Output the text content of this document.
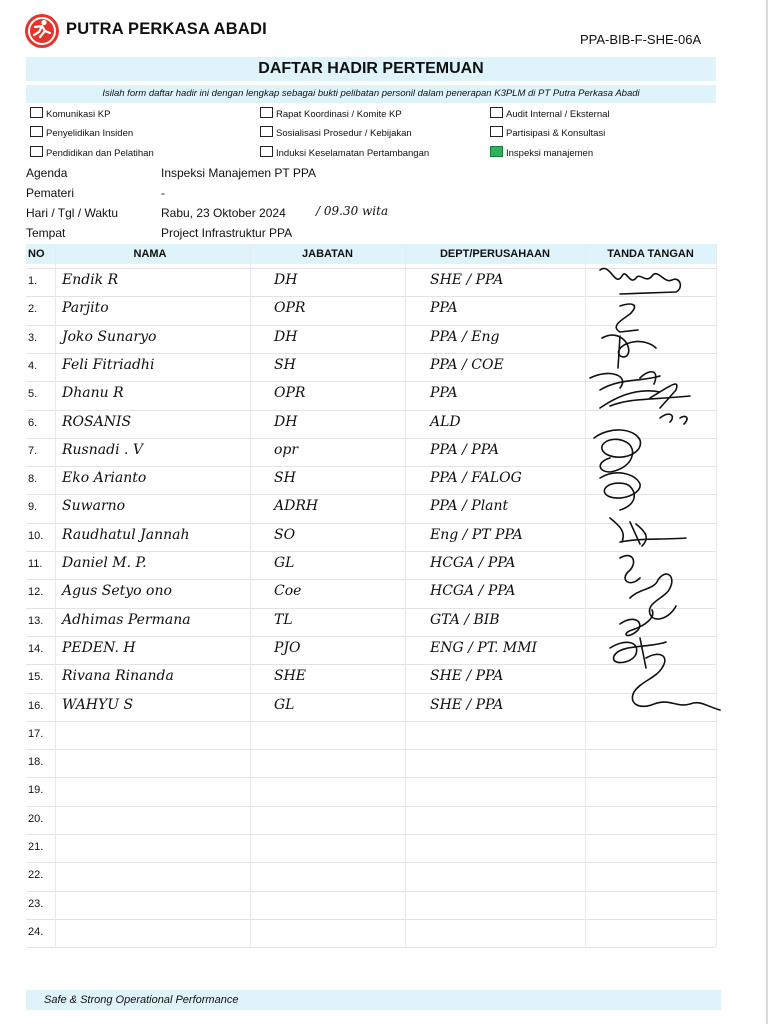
PUTRA PERKASA ABADI
PPA-BIB-F-SHE-06A
DAFTAR HADIR PERTEMUAN
Isilah form daftar hadir ini dengan lengkap sebagai bukti pelibatan personil dalam penerapan K3PLM di PT Putra Perkasa Abadi
Komunikasi KP	Rapat Koordinasi / Komite KP	Audit Internal / Eksternal
Penyelidikan Insiden	Sosialisasi Prosedur / Kebijakan	Partisipasi & Konsultasi
Pendidikan dan Pelatihan	Induksi Keselamatan Pertambangan	Inspeksi manajemen
Agenda	Inspeksi Manajemen PT PPA
Pemateri	-
Hari / Tgl / Waktu	Rabu, 23 Oktober 2024	/ 09.30 wita
Tempat	Project Infrastruktur PPA
NO	NAMA	JABATAN	DEPT/PERUSAHAAN	TANDA TANGAN
1. Endik R	DH	SHE / PPA
2. Parjito	OPR	PPA
3. Joko Sunaryo	DH	PPA / Eng
4. Feli Fitriadhi	SH	PPA / COE
5. Dhanu R	OPR	PPA
6. ROSANIS	DH	ALD
7. Rusnadi . V	opr	PPA / PPA
8. Eko Arianto	SH	PPA / FALOG
9. Suwarno	ADRH	PPA / Plant
10. Raudhatul Jannah	SO	Eng / PT PPA
11. Daniel M. P.	GL	HCGA / PPA
12. Agus Setyo ono	Coe	HCGA / PPA
13. Adhimas Permana	TL	GTA / BIB
14. PEDEN. H	PJO	ENG / PT. MMI
15. Rivana Rinanda	SHE	SHE / PPA
16. WAHYU S	GL	SHE / PPA
17.
18.
19.
20.
21.
22.
23.
24.
Safe & Strong Operational Performance
